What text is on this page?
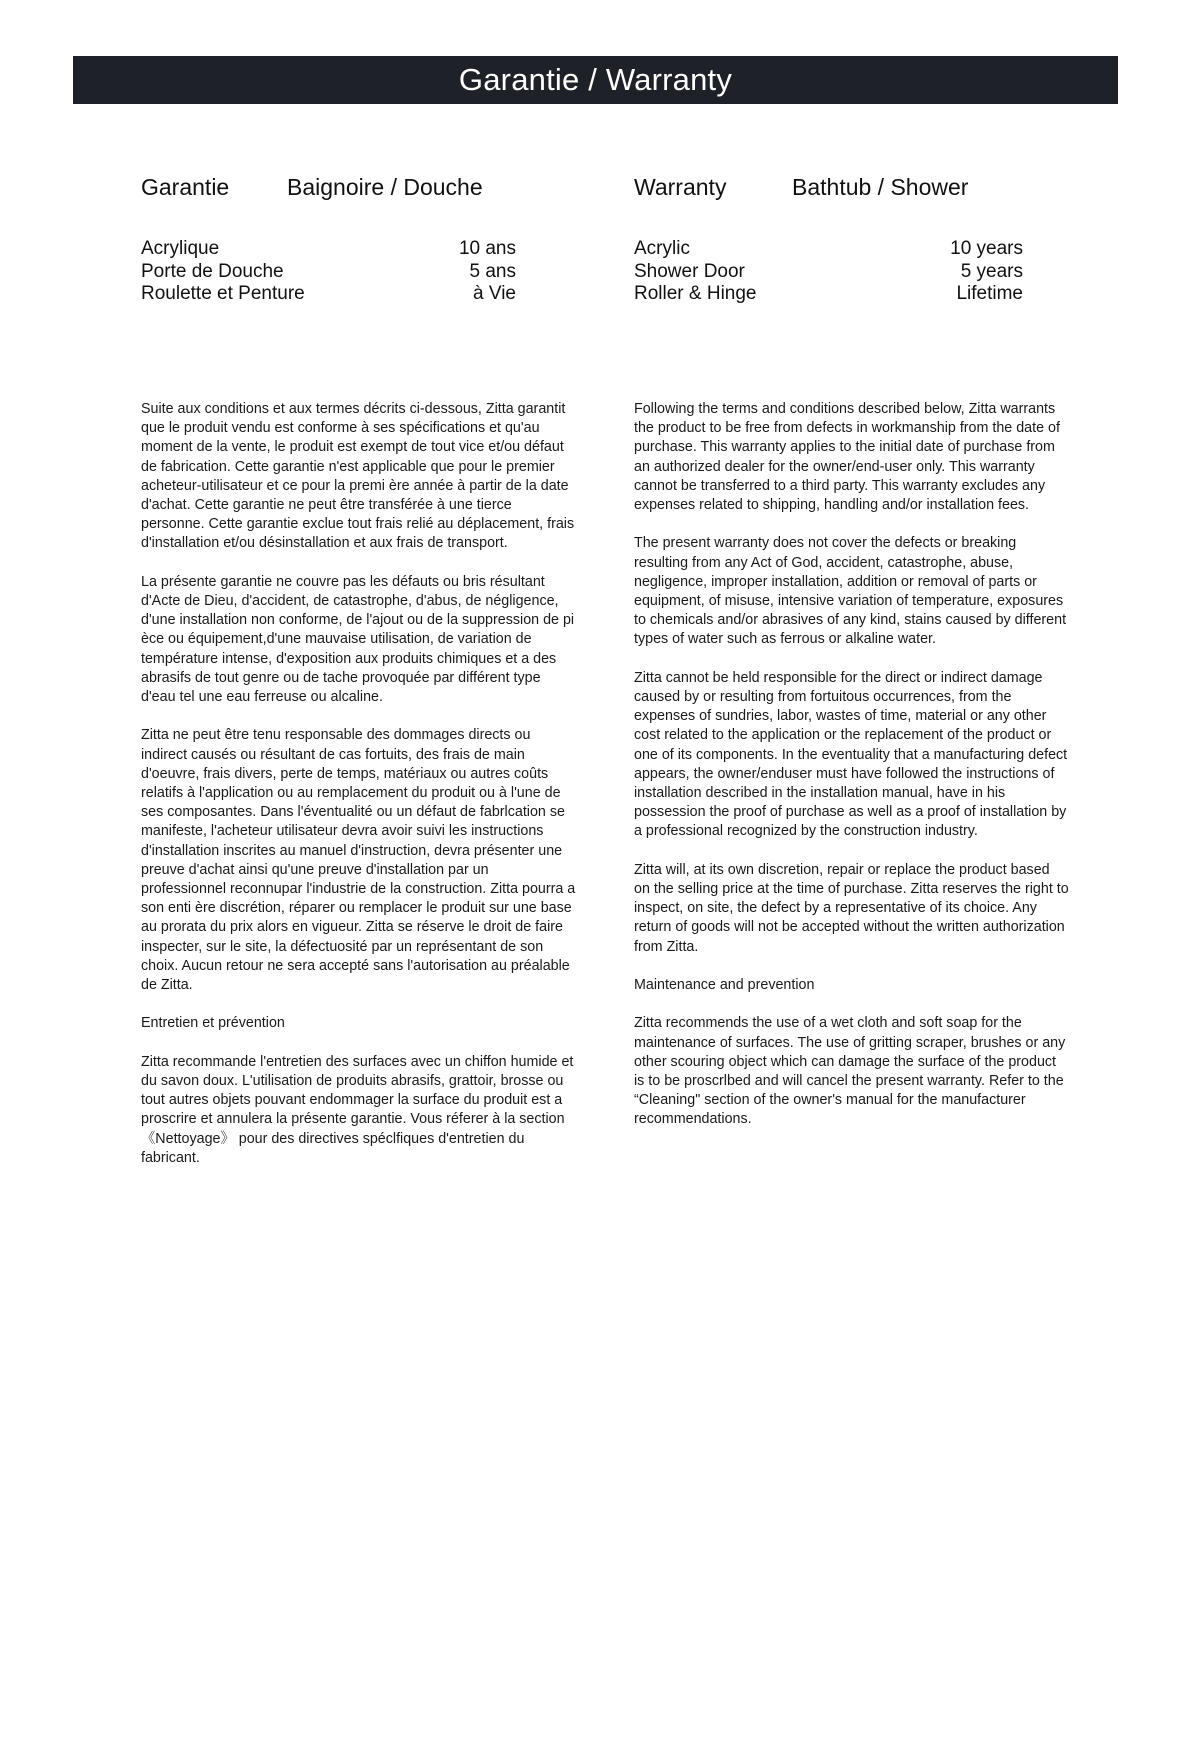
Garantie / Warranty
Garantie	Baignoire / Douche
Acrylique	10 ans
Porte de Douche	5 ans
Roulette et Penture	à Vie

Suite aux conditions et aux termes décrits ci-dessous, Zitta garantit que le produit vendu est conforme à ses spécifications et qu'au moment de la vente, le produit est exempt de tout vice et/ou défaut de fabrication. Cette garantie n'est applicable que pour le premier acheteur-utilisateur et ce pour la premi ère année à partir de la date d'achat. Cette garantie ne peut être transférée à une tierce personne. Cette garantie exclue tout frais relié au déplacement, frais d'installation et/ou désinstallation et aux frais de transport.

La présente garantie ne couvre pas les défauts ou bris résultant d'Acte de Dieu, d'accident, de catastrophe, d'abus, de négligence, d'une installation non conforme, de l'ajout ou de la suppression de pi èce ou équipement,d'une mauvaise utilisation, de variation de température intense, d'exposition aux produits chimiques et a des abrasifs de tout genre ou de tache provoquée par différent type d'eau tel une eau ferreuse ou alcaline.

Zitta ne peut être tenu responsable des dommages directs ou indirect causés ou résultant de cas fortuits, des frais de main d'oeuvre, frais divers, perte de temps, matériaux ou autres coûts relatifs à l'application ou au remplacement du produit ou à l'une de ses composantes. Dans l'éventualité ou un défaut de fabrlcation se manifeste, l'acheteur utilisateur devra avoir suivi les instructions d'installation inscrites au manuel d'instruction, devra présenter une preuve d'achat ainsi qu'une preuve d'installation par un professionnel reconnupar l'industrie de la construction. Zitta pourra a son enti ère discrétion, réparer ou remplacer le produit sur une base au prorata du prix alors en vigueur. Zitta se réserve le droit de faire inspecter, sur le site, la défectuosité par un représentant de son choix. Aucun retour ne sera accepté sans l'autorisation au préalable de Zitta.

Entretien et prévention

Zitta recommande l'entretien des surfaces avec un chiffon humide et du savon doux. L'utilisation de produits abrasifs, grattoir, brosse ou tout autres objets pouvant endommager la surface du produit est a proscrire et annulera la présente garantie. Vous réferer à la section 《Nettoyage》 pour des directives spéclfiques d'entretien du fabricant.

Warranty	Bathtub / Shower
Acrylic	10 years
Shower Door	5 years
Roller & Hinge	Lifetime

Following the terms and conditions described below, Zitta warrants the product to be free from defects in workmanship from the date of purchase. This warranty applies to the initial date of purchase from an authorized dealer for the owner/end-user only. This warranty cannot be transferred to a third party. This warranty excludes any expenses related to shipping, handling and/or installation fees.

The present warranty does not cover the defects or breaking resulting from any Act of God, accident, catastrophe, abuse, negligence, improper installation, addition or removal of parts or equipment, of misuse, intensive variation of temperature, exposures to chemicals and/or abrasives of any kind, stains caused by different types of water such as ferrous or alkaline water.

Zitta cannot be held responsible for the direct or indirect damage caused by or resulting from fortuitous occurrences, from the expenses of sundries, labor, wastes of time, material or any other cost related to the application or the replacement of the product or one of its components. In the eventuality that a manufacturing defect appears, the owner/enduser must have followed the instructions of installation described in the installation manual, have in his possession the proof of purchase as well as a proof of installation by a professional recognized by the construction industry.

Zitta will, at its own discretion, repair or replace the product based on the selling price at the time of purchase. Zitta reserves the right to inspect, on site, the defect by a representative of its choice. Any return of goods will not be accepted without the written authorization from Zitta.

Maintenance and prevention

Zitta recommends the use of a wet cloth and soft soap for the maintenance of surfaces. The use of gritting scraper, brushes or any other scouring object which can damage the surface of the product is to be proscrlbed and will cancel the present warranty. Refer to the “Cleaning" section of the owner's manual for the manufacturer recommendations.
